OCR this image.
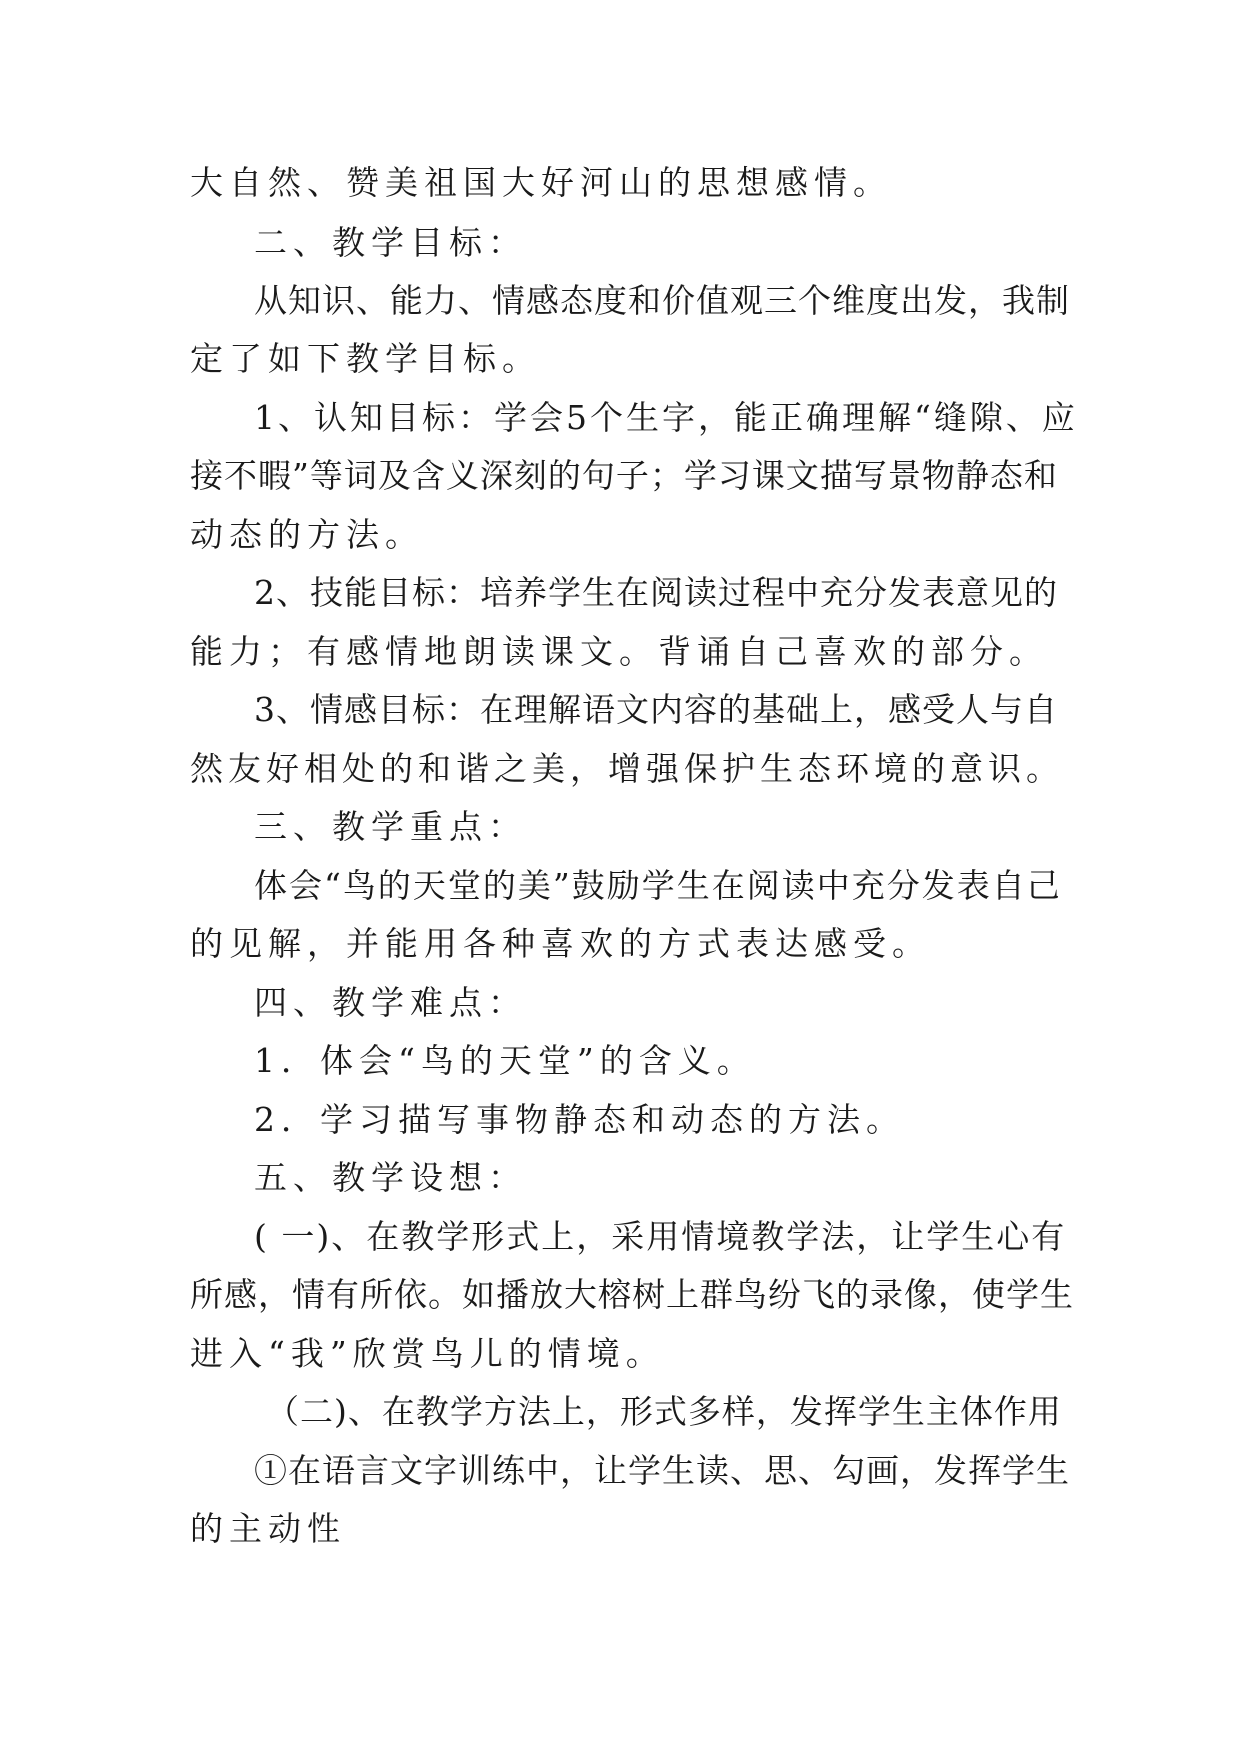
大自然、赞美祖国大好河山的思想感情。
二、教学目标：
从知识、能力、情感态度和价值观三个维度出发，我制
定了如下教学目标。
1、认知目标：学会5个生字，能正确理解“缝隙、应
接不暇”等词及含义深刻的句子；学习课文描写景物静态和
动态的方法。
2、技能目标：培养学生在阅读过程中充分发表意见的
能力；有感情地朗读课文。背诵自己喜欢的部分。
3、情感目标：在理解语文内容的基础上，感受人与自
然友好相处的和谐之美，增强保护生态环境的意识。
三、教学重点：
体会“鸟的天堂的美”鼓励学生在阅读中充分发表自己
的见解，并能用各种喜欢的方式表达感受。
四、教学难点：
1．体会“鸟的天堂”的含义。
2．学习描写事物静态和动态的方法。
五、教学设想：
( 一)、在教学形式上，采用情境教学法，让学生心有
所感，情有所依。如播放大榕树上群鸟纷飞的录像，使学生
进入“我”欣赏鸟儿的情境。
（二)、在教学方法上，形式多样，发挥学生主体作用
①在语言文字训练中，让学生读、思、勾画，发挥学生
的主动性
